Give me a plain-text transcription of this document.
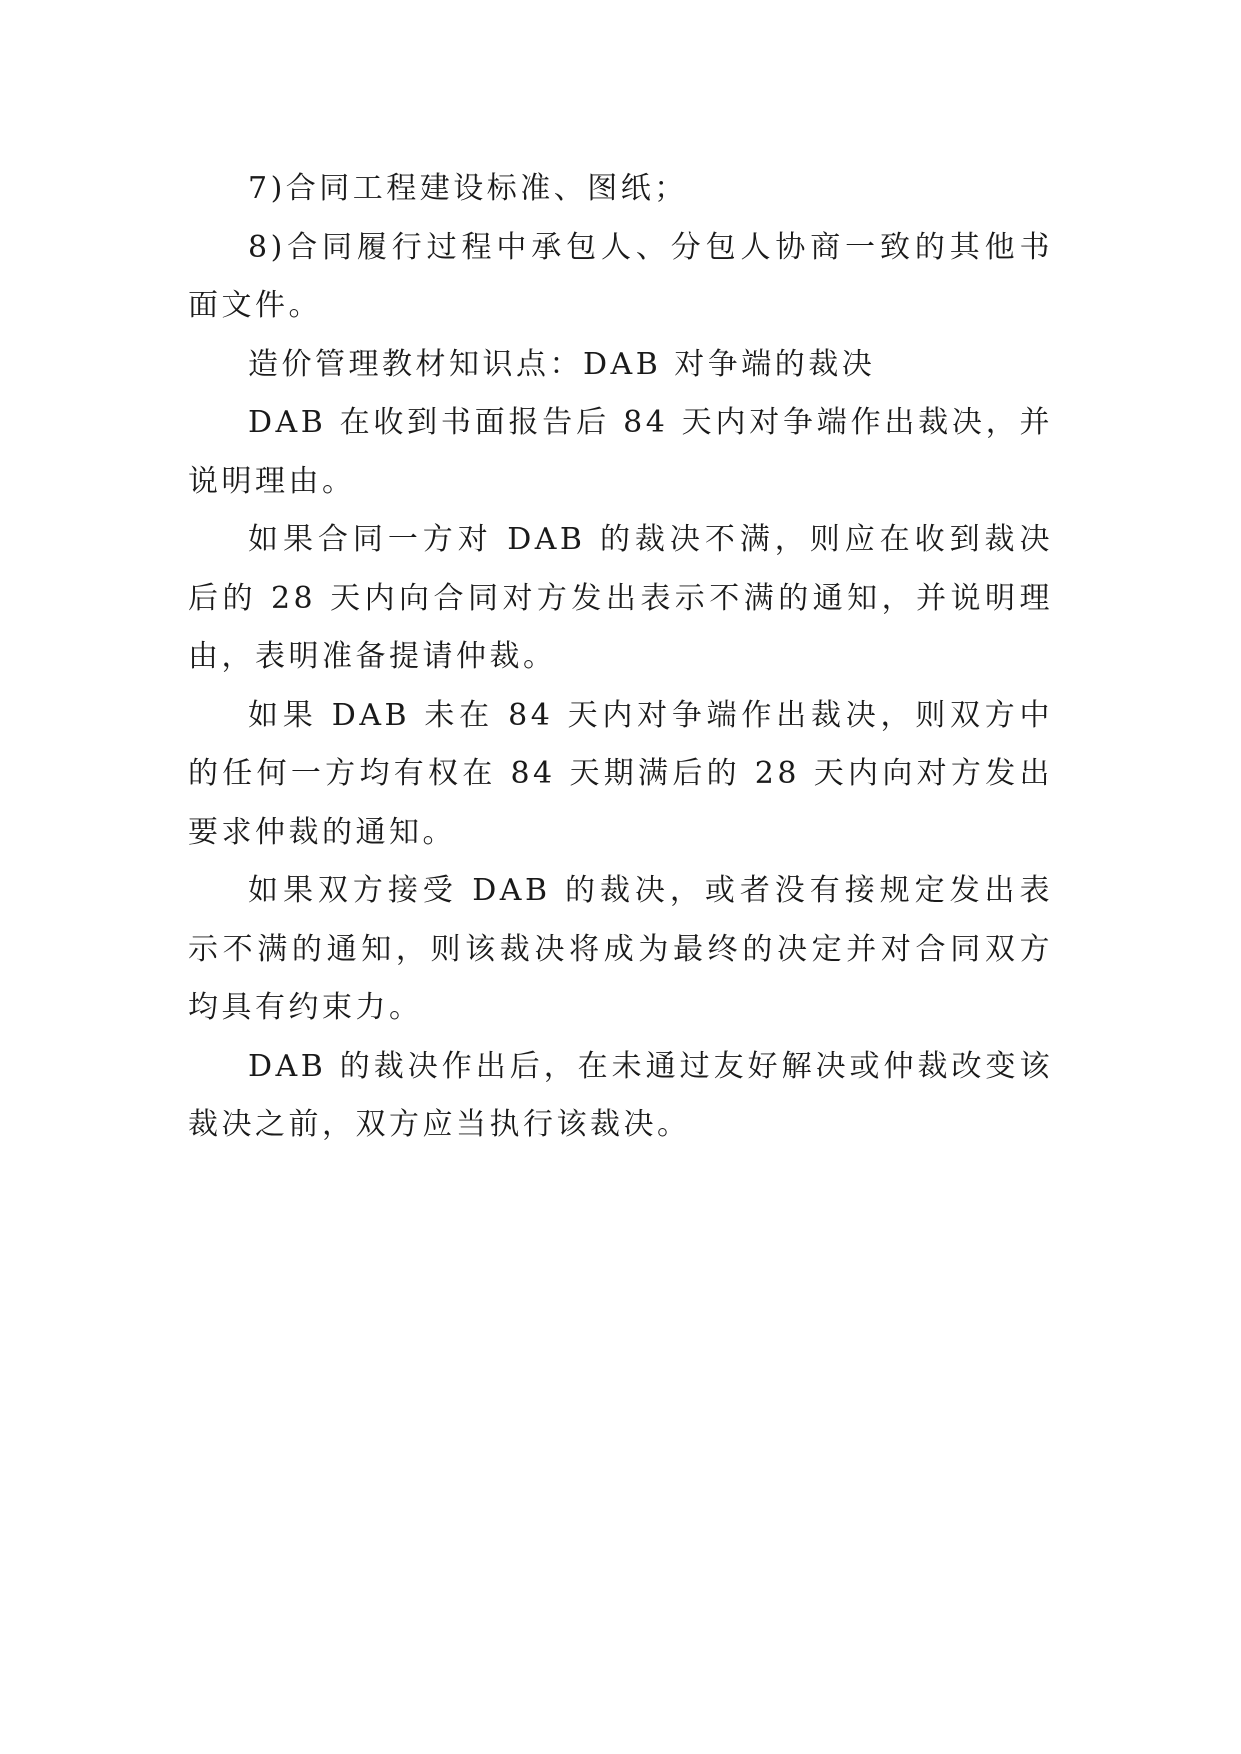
7)合同工程建设标准、图纸；

8)合同履行过程中承包人、分包人协商一致的其他书面文件。

造价管理教材知识点：DAB 对争端的裁决

DAB 在收到书面报告后 84 天内对争端作出裁决，并说明理由。

如果合同一方对 DAB 的裁决不满，则应在收到裁决后的 28 天内向合同对方发出表示不满的通知，并说明理由，表明准备提请仲裁。

如果 DAB 未在 84 天内对争端作出裁决，则双方中的任何一方均有权在 84 天期满后的 28 天内向对方发出要求仲裁的通知。

如果双方接受 DAB 的裁决，或者没有接规定发出表示不满的通知，则该裁决将成为最终的决定并对合同双方均具有约束力。

DAB 的裁决作出后，在未通过友好解决或仲裁改变该裁决之前，双方应当执行该裁决。
